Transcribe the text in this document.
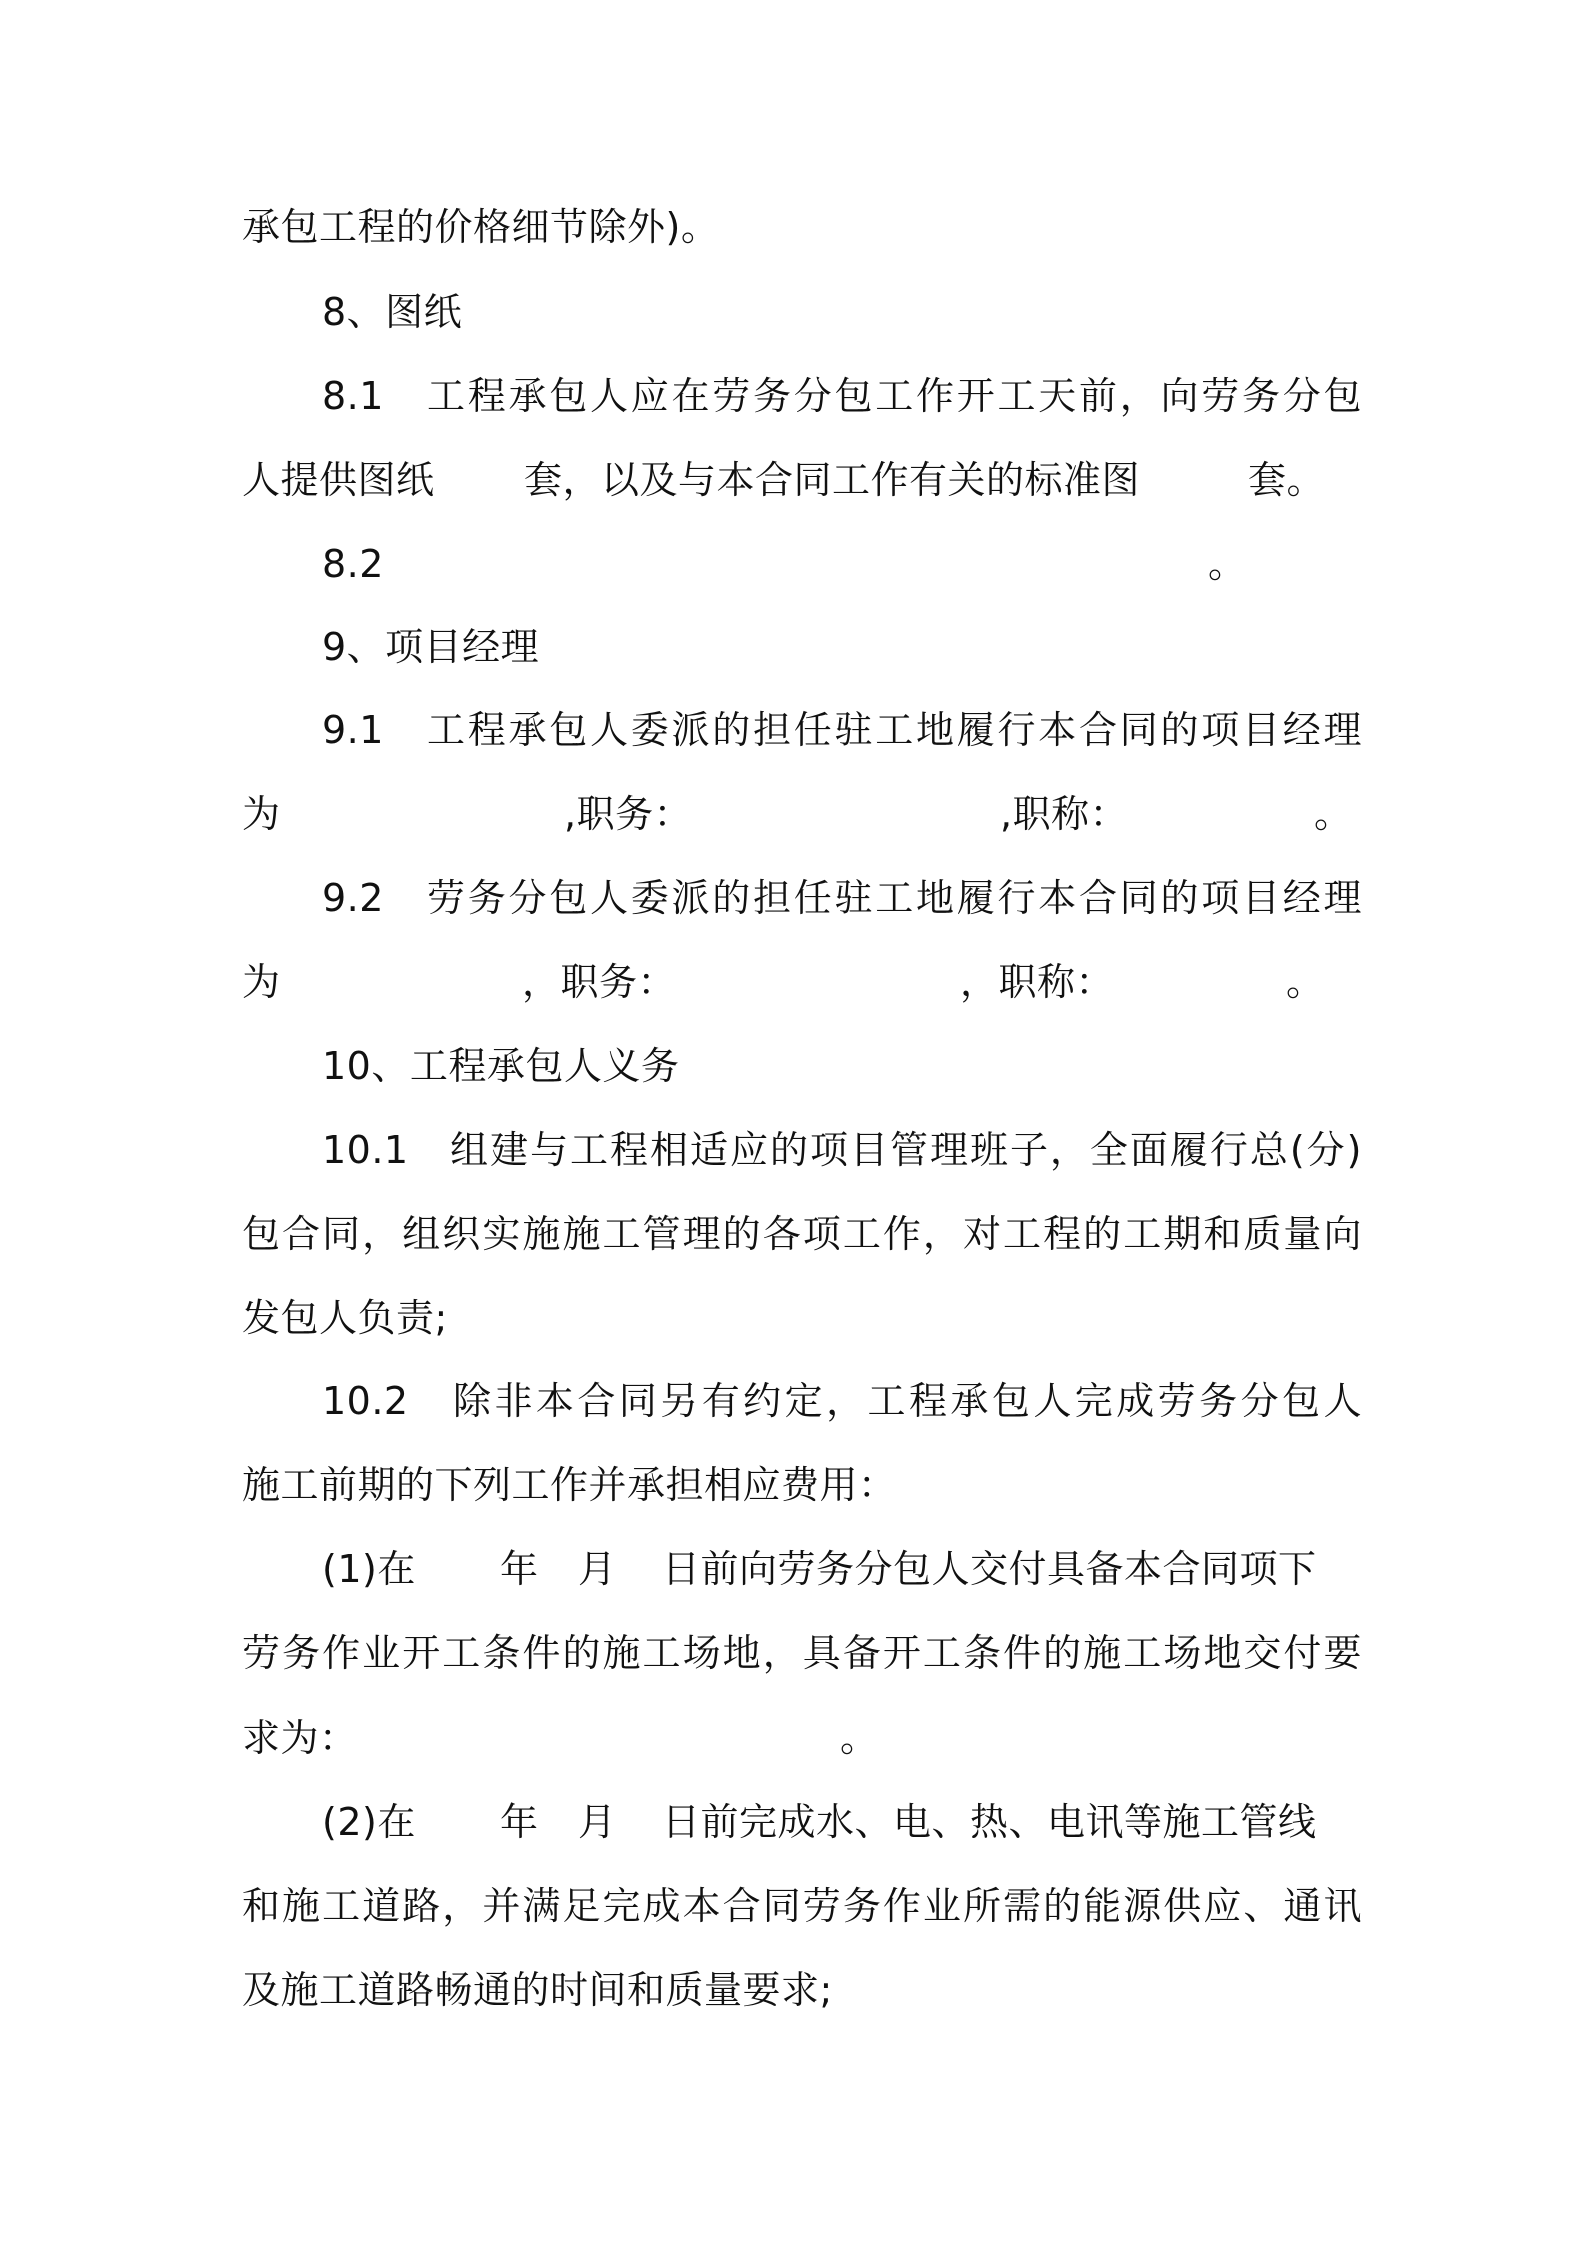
承包工程的价格细节除外)。
8、图纸
8.1　工程承包人应在劳务分包工作开工天前，向劳务分包
人提供图纸 套，以及与本合同工作有关的标准图	套。
8.2	。
9、项目经理
9.1　工程承包人委派的担任驻工地履行本合同的项目经理
为	,职务：	,职称：	。
9.2　劳务分包人委派的担任驻工地履行本合同的项目经理
为	，职务：	，职称：	。
10、工程承包人义务
10.1　组建与工程相适应的项目管理班子，全面履行总(分)
包合同，组织实施施工管理的各项工作，对工程的工期和质量向
发包人负责;
10.2　除非本合同另有约定，工程承包人完成劳务分包人
施工前期的下列工作并承担相应费用：
(1)在 年 月 日前向劳务分包人交付具备本合同项下
劳务作业开工条件的施工场地，具备开工条件的施工场地交付要
求为：	。
(2)在 年 月 日前完成水、电、热、电讯等施工管线
和施工道路，并满足完成本合同劳务作业所需的能源供应、通讯
及施工道路畅通的时间和质量要求;
